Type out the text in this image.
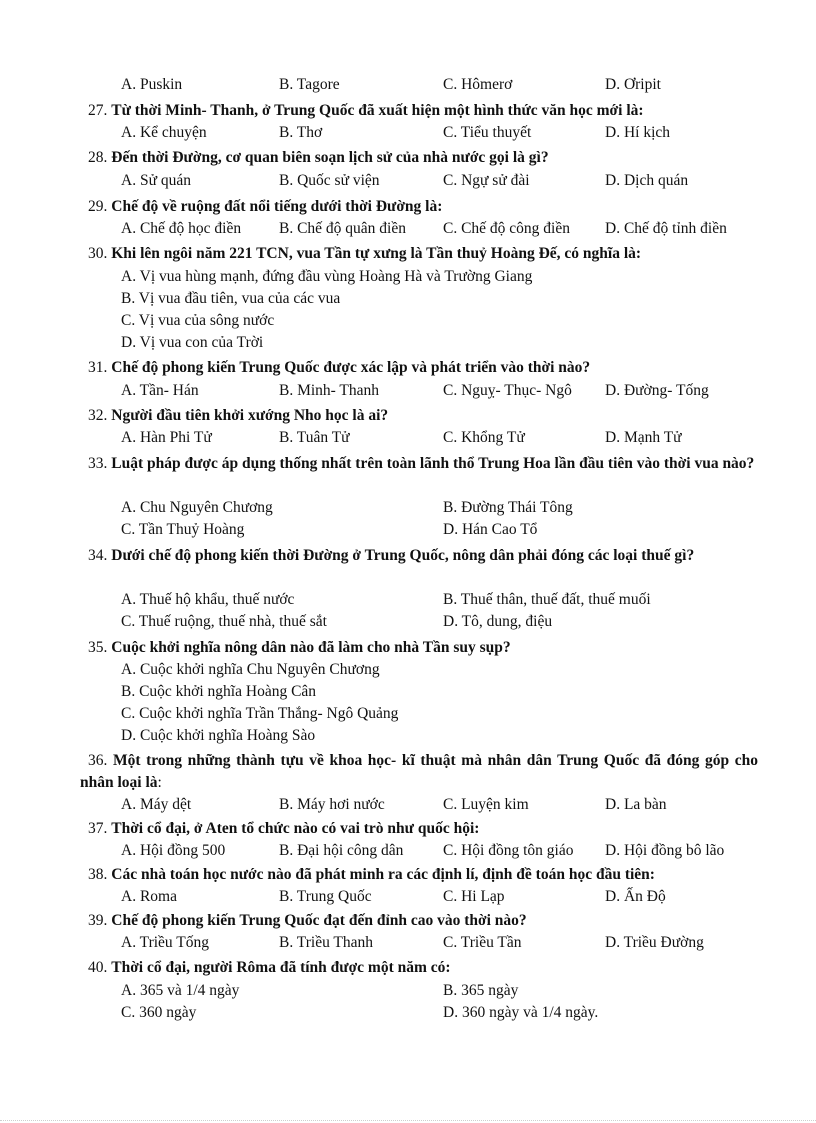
A. Puskin	B. Tagore	C. Hômerơ	D. Ơripit
27. Từ thời Minh- Thanh, ở Trung Quốc đã xuất hiện một hình thức văn học mới là:
A. Kể chuyện	B. Thơ	C. Tiểu thuyết	D. Hí kịch
28. Đến thời Đường, cơ quan biên soạn lịch sử của nhà nước gọi là gì?
A. Sử quán	B. Quốc sử viện	C. Ngự sử đài	D. Dịch quán
29. Chế độ về ruộng đất nổi tiếng dưới thời Đường là:
A. Chế độ học điền B. Chế độ quân điền C. Chế độ công điền D. Chế độ tỉnh điền
30. Khi lên ngôi năm 221 TCN, vua Tần tự xưng là Tần thuỷ Hoàng Đế, có nghĩa là:
A. Vị vua hùng mạnh, đứng đầu vùng Hoàng Hà và Trường Giang
B. Vị vua đầu tiên, vua của các vua
C. Vị vua của sông nước
D. Vị vua con của Trời
31. Chế độ phong kiến Trung Quốc được xác lập và phát triển vào thời nào?
A. Tần- Hán	B. Minh- Thanh	C. Nguỵ- Thục- Ngô D. Đường- Tống
32. Người đầu tiên khởi xướng Nho học là ai?
A. Hàn Phi Tử	B. Tuân Tử	C. Khổng Tử	D. Mạnh Tử
33. Luật pháp được áp dụng thống nhất trên toàn lãnh thổ Trung Hoa lần đầu tiên vào thời vua nào?
A. Chu Nguyên Chương	B. Đường Thái Tông
C. Tần Thuỷ Hoàng	D. Hán Cao Tổ
34. Dưới chế độ phong kiến thời Đường ở Trung Quốc, nông dân phải đóng các loại thuế gì?
A. Thuế hộ khẩu, thuế nước	B. Thuế thân, thuế đất, thuế muối
C. Thuế ruộng, thuế nhà, thuế sắt	D. Tô, dung, điệu
35. Cuộc khởi nghĩa nông dân nào đã làm cho nhà Tần suy sụp?
A. Cuộc khởi nghĩa Chu Nguyên Chương
B. Cuộc khởi nghĩa Hoàng Cân
C. Cuộc khởi nghĩa Trần Thắng- Ngô Quảng
D. Cuộc khởi nghĩa Hoàng Sào
36. Một trong những thành tựu về khoa học- kĩ thuật mà nhân dân Trung Quốc đã đóng góp cho nhân loại là:
A. Máy dệt	B. Máy hơi nước	C. Luyện kim	D. La bàn
37. Thời cổ đại, ở Aten tổ chức nào có vai trò như quốc hội:
A. Hội đồng 500	B. Đại hội công dân	C. Hội đồng tôn giáo D. Hội đồng bô lão
38. Các nhà toán học nước nào đã phát minh ra các định lí, định đề toán học đầu tiên:
A. Roma	B. Trung Quốc	C. Hi Lạp	D. Ấn Độ
39. Chế độ phong kiến Trung Quốc đạt đến đỉnh cao vào thời nào?
A. Triều Tống	B. Triều Thanh	C. Triều Tần	D. Triều Đường
40. Thời cổ đại, người Rôma đã tính được một năm có:
A. 365 và 1/4 ngày	B. 365 ngày
C. 360 ngày	D. 360 ngày và 1/4 ngày.
